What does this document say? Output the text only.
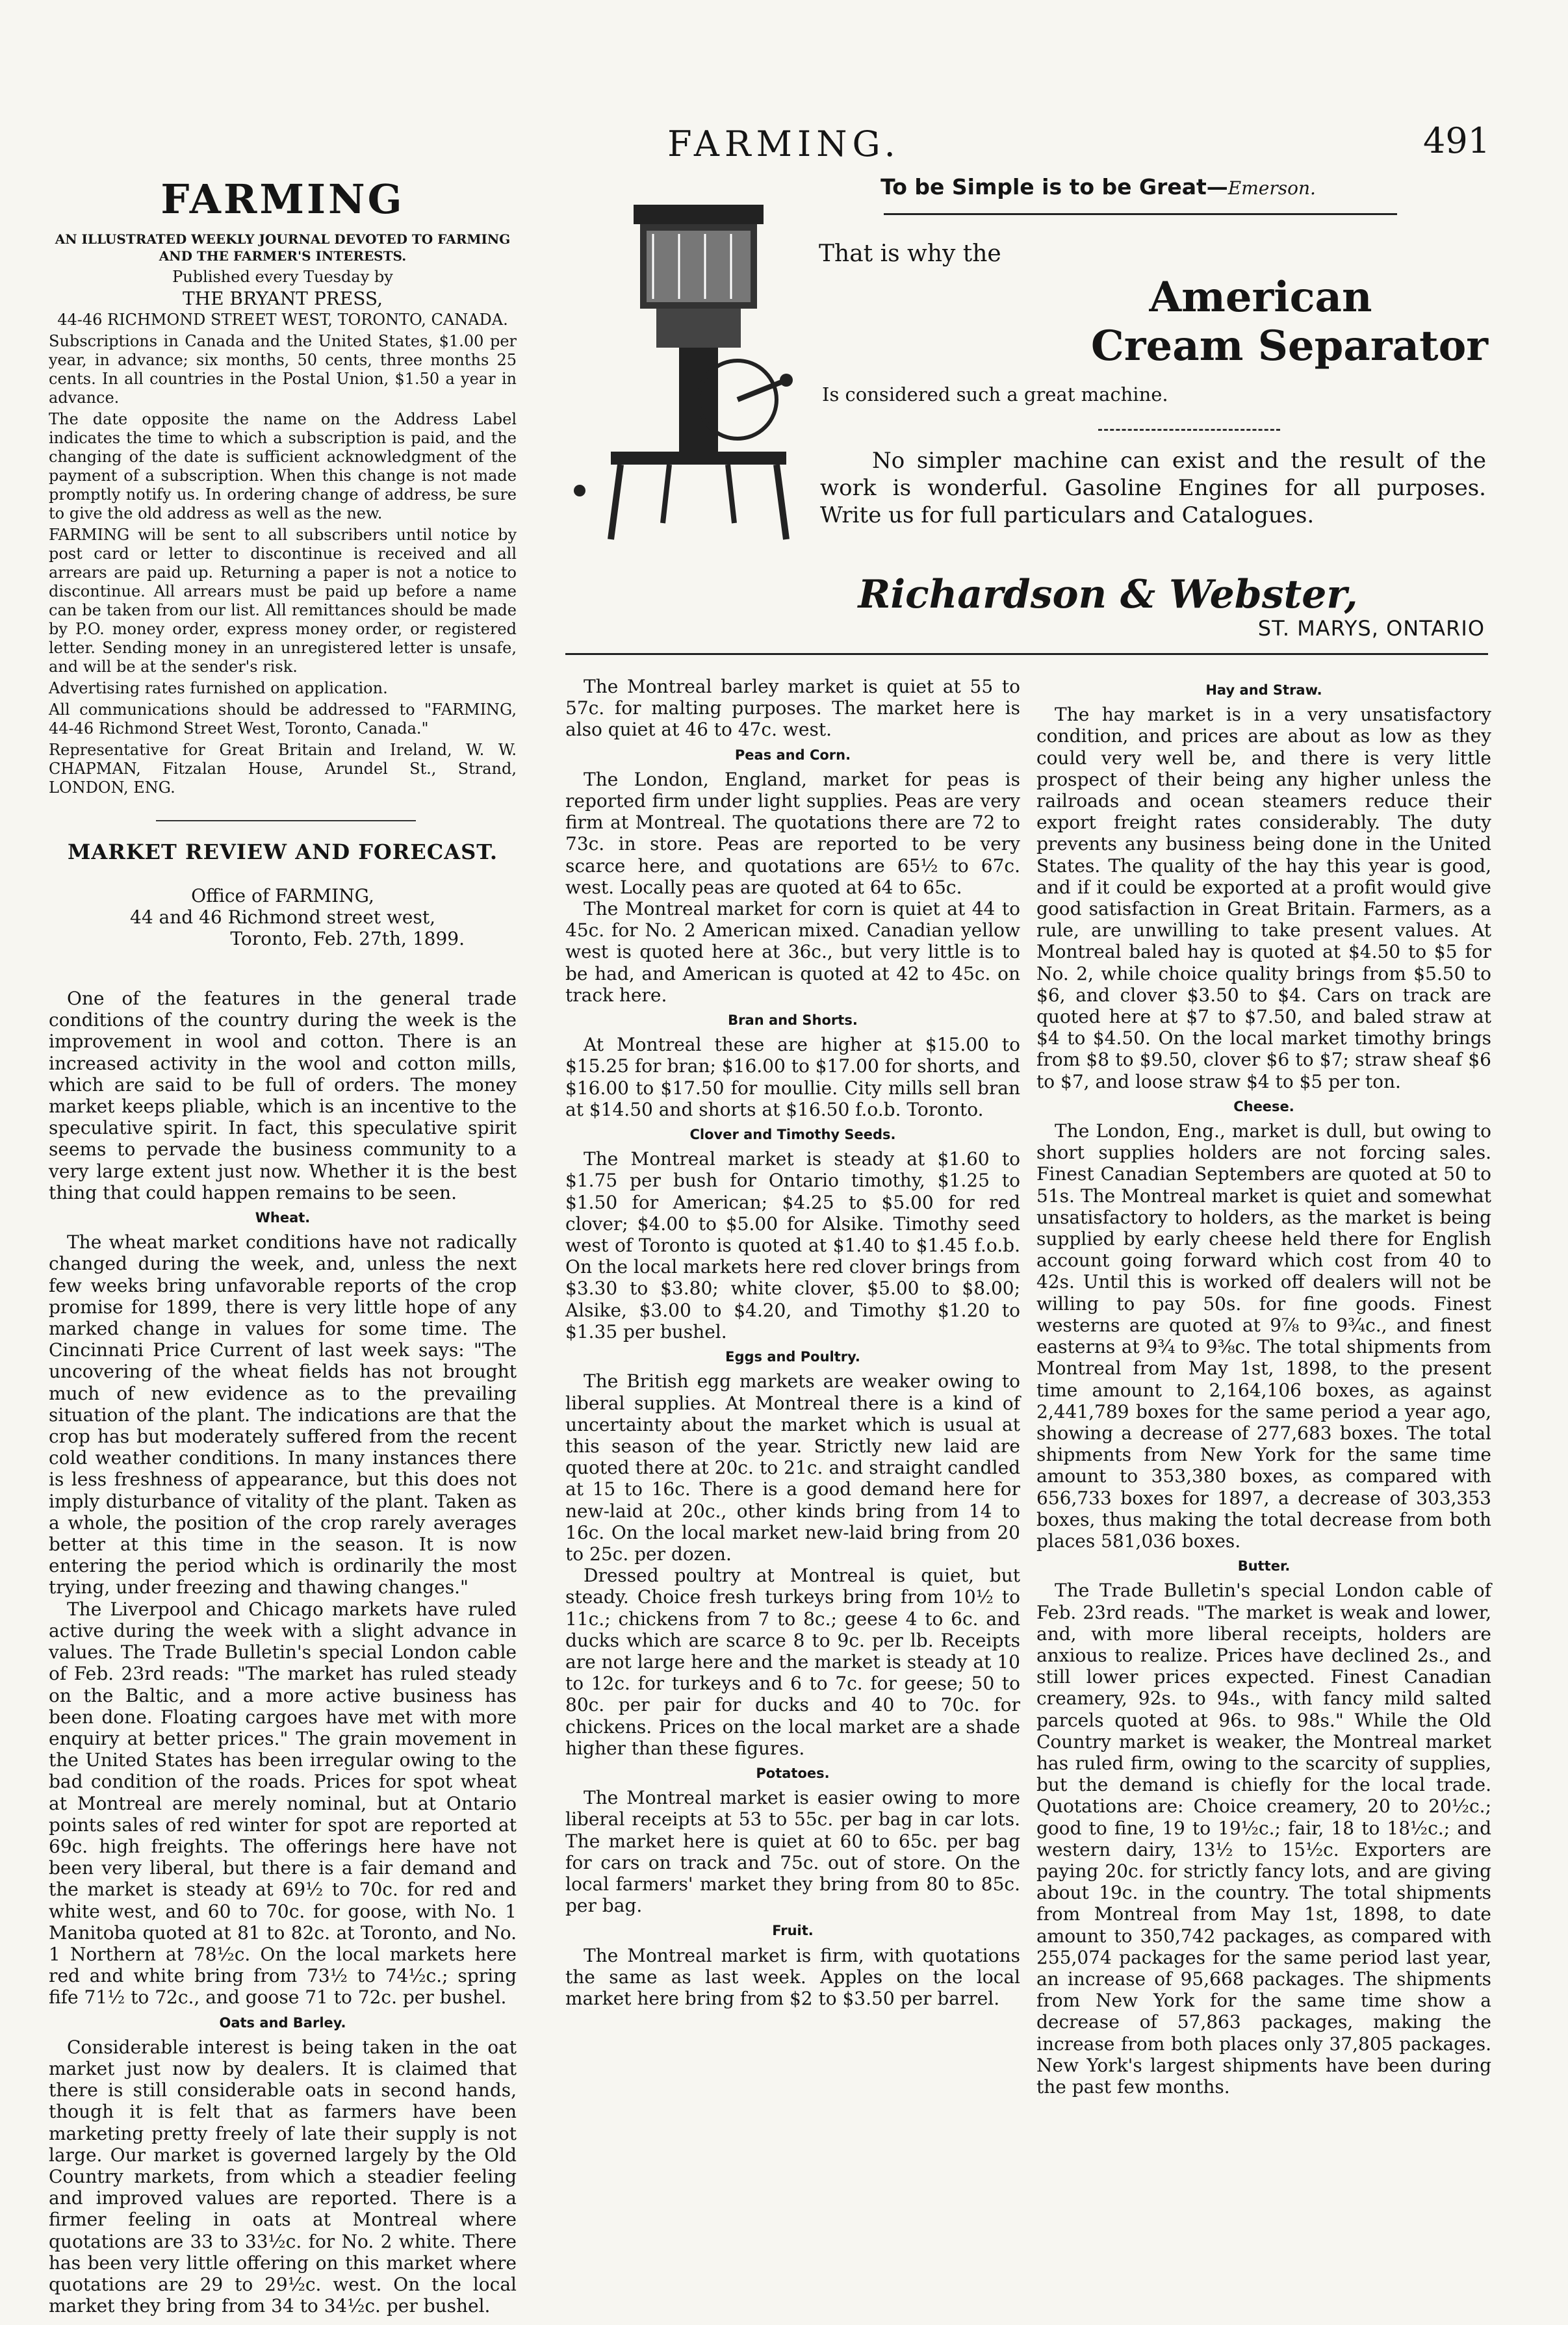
FARMING.	491
FARMING
AN ILLUSTRATED WEEKLY JOURNAL DEVOTED TO FARMING AND THE FARMER'S INTERESTS.

Published every Tuesday by

THE BRYANT PRESS,

44-46 RICHMOND STREET WEST, TORONTO, CANADA.

Subscriptions in Canada and the United States, $1.00 per year, in advance; six months, 50 cents, three months 25 cents. In all countries in the Postal Union, $1.50 a year in advance.

The date opposite the name on the Address Label indicates the time to which a subscription is paid, and the changing of the date is sufficient acknowledgment of the payment of a subscription. When this change is not made promptly notify us. In ordering change of address, be sure to give the old address as well as the new.

FARMING will be sent to all subscribers until notice by post card or letter to discontinue is received and all arrears are paid up. Returning a paper is not a notice to discontinue. All arrears must be paid up before a name can be taken from our list. All remittances should be made by P.O. money order, express money order, or registered letter. Sending money in an unregistered letter is unsafe, and will be at the sender's risk.

Advertising rates furnished on application.

All communications should be addressed to "FARMING, 44-46 Richmond Street West, Toronto, Canada."

Representative for Great Britain and Ireland, W. W. CHAPMAN, Fitzalan House, Arundel St., Strand, LONDON, ENG.

MARKET REVIEW AND FORECAST.
Office of FARMING,
44 and 46 Richmond street west,
Toronto, Feb. 27th, 1899.
To be Simple is to be Great—Emerson.
That is why the
American
Cream Separator
Is considered such a great machine.

No simpler machine can exist and the result of the work is wonderful. Gasoline Engines for all purposes. Write us for full particulars and Catalogues.

Richardson & Webster,
ST. MARYS, ONTARIO

One of the features in the general trade conditions of the country during the week is the improvement in wool and cotton. There is an increased activity in the wool and cotton mills, which are said to be full of orders. The money market keeps pliable, which is an incentive to the speculative spirit. In fact, this speculative spirit seems to pervade the business community to a very large extent just now. Whether it is the best thing that could happen remains to be seen.

Wheat.

The wheat market conditions have not radically changed during the week, and, unless the next few weeks bring unfavorable reports of the crop promise for 1899, there is very little hope of any marked change in values for some time. The Cincinnati Price Current of last week says: "The uncovering of the wheat fields has not brought much of new evidence as to the prevailing situation of the plant. The indications are that the crop has but moderately suffered from the recent cold weather conditions. In many instances there is less freshness of appearance, but this does not imply disturbance of vitality of the plant. Taken as a whole, the position of the crop rarely averages better at this time in the season. It is now entering the period which is ordinarily the most trying, under freezing and thawing changes."

The Liverpool and Chicago markets have ruled active during the week with a slight advance in values. The Trade Bulletin's special London cable of Feb. 23rd reads: "The market has ruled steady on the Baltic, and a more active business has been done. Floating cargoes have met with more enquiry at better prices." The grain movement in the United States has been irregular owing to the bad condition of the roads. Prices for spot wheat at Montreal are merely nominal, but at Ontario points sales of red winter for spot are reported at 69c. high freights. The offerings here have not been very liberal, but there is a fair demand and the market is steady at 69½ to 70c. for red and white west, and 60 to 70c. for goose, with No. 1 Manitoba quoted at 81 to 82c. at Toronto, and No. 1 Northern at 78½c. On the local markets here red and white bring from 73½ to 74½c.; spring fife 71½ to 72c., and goose 71 to 72c. per bushel.

Oats and Barley.

Considerable interest is being taken in the oat market just now by dealers. It is claimed that there is still considerable oats in second hands, though it is felt that as farmers have been marketing pretty freely of late their supply is not large. Our market is governed largely by the Old Country markets, from which a steadier feeling and improved values are reported. There is a firmer feeling in oats at Montreal where quotations are 33 to 33½c. for No. 2 white. There has been very little offering on this market where quotations are 29 to 29½c. west. On the local market they bring from 34 to 34½c. per bushel.

The Montreal barley market is quiet at 55 to 57c. for malting purposes. The market here is also quiet at 46 to 47c. west.

Peas and Corn.

The London, England, market for peas is reported firm under light supplies. Peas are very firm at Montreal. The quotations there are 72 to 73c. in store. Peas are reported to be very scarce here, and quotations are 65½ to 67c. west. Locally peas are quoted at 64 to 65c.

The Montreal market for corn is quiet at 44 to 45c. for No. 2 American mixed. Canadian yellow west is quoted here at 36c., but very little is to be had, and American is quoted at 42 to 45c. on track here.

Bran and Shorts.

At Montreal these are higher at $15.00 to $15.25 for bran; $16.00 to $17.00 for shorts, and $16.00 to $17.50 for moullie. City mills sell bran at $14.50 and shorts at $16.50 f.o.b. Toronto.

Clover and Timothy Seeds.

The Montreal market is steady at $1.60 to $1.75 per bush for Ontario timothy, $1.25 to $1.50 for American; $4.25 to $5.00 for red clover; $4.00 to $5.00 for Alsike. Timothy seed west of Toronto is quoted at $1.40 to $1.45 f.o.b. On the local markets here red clover brings from $3.30 to $3.80; white clover, $5.00 to $8.00; Alsike, $3.00 to $4.20, and Timothy $1.20 to $1.35 per bushel.

Eggs and Poultry.

The British egg markets are weaker owing to liberal supplies. At Montreal there is a kind of uncertainty about the market which is usual at this season of the year. Strictly new laid are quoted there at 20c. to 21c. and straight candled at 15 to 16c. There is a good demand here for new-laid at 20c., other kinds bring from 14 to 16c. On the local market new-laid bring from 20 to 25c. per dozen.

Dressed poultry at Montreal is quiet, but steady. Choice fresh turkeys bring from 10½ to 11c.; chickens from 7 to 8c.; geese 4 to 6c. and ducks which are scarce 8 to 9c. per lb. Receipts are not large here and the market is steady at 10 to 12c. for turkeys and 6 to 7c. for geese; 50 to 80c. per pair for ducks and 40 to 70c. for chickens. Prices on the local market are a shade higher than these figures.

Potatoes.

The Montreal market is easier owing to more liberal receipts at 53 to 55c. per bag in car lots. The market here is quiet at 60 to 65c. per bag for cars on track and 75c. out of store. On the local farmers' market they bring from 80 to 85c. per bag.

Fruit.

The Montreal market is firm, with quotations the same as last week. Apples on the local market here bring from $2 to $3.50 per barrel.

Hay and Straw.

The hay market is in a very unsatisfactory condition, and prices are about as low as they could very well be, and there is very little prospect of their being any higher unless the railroads and ocean steamers reduce their export freight rates considerably. The duty prevents any business being done in the United States. The quality of the hay this year is good, and if it could be exported at a profit would give good satisfaction in Great Britain. Farmers, as a rule, are unwilling to take present values. At Montreal baled hay is quoted at $4.50 to $5 for No. 2, while choice quality brings from $5.50 to $6, and clover $3.50 to $4. Cars on track are quoted here at $7 to $7.50, and baled straw at $4 to $4.50. On the local market timothy brings from $8 to $9.50, clover $6 to $7; straw sheaf $6 to $7, and loose straw $4 to $5 per ton.

Cheese.

The London, Eng., market is dull, but owing to short supplies holders are not forcing sales. Finest Canadian Septembers are quoted at 50 to 51s. The Montreal market is quiet and somewhat unsatisfactory to holders, as the market is being supplied by early cheese held there for English account going forward which cost from 40 to 42s. Until this is worked off dealers will not be willing to pay 50s. for fine goods. Finest westerns are quoted at 9⅞ to 9¾c., and finest easterns at 9¾ to 9⅜c. The total shipments from Montreal from May 1st, 1898, to the present time amount to 2,164,106 boxes, as against 2,441,789 boxes for the same period a year ago, showing a decrease of 277,683 boxes. The total shipments from New York for the same time amount to 353,380 boxes, as compared with 656,733 boxes for 1897, a decrease of 303,353 boxes, thus making the total decrease from both places 581,036 boxes.

Butter.

The Trade Bulletin's special London cable of Feb. 23rd reads. "The market is weak and lower, and, with more liberal receipts, holders are anxious to realize. Prices have declined 2s., and still lower prices expected. Finest Canadian creamery, 92s. to 94s., with fancy mild salted parcels quoted at 96s. to 98s." While the Old Country market is weaker, the Montreal market has ruled firm, owing to the scarcity of supplies, but the demand is chiefly for the local trade. Quotations are: Choice creamery, 20 to 20½c.; good to fine, 19 to 19½c.; fair, 18 to 18½c.; and western dairy, 13½ to 15½c. Exporters are paying 20c. for strictly fancy lots, and are giving about 19c. in the country. The total shipments from Montreal from May 1st, 1898, to date amount to 350,742 packages, as compared with 255,074 packages for the same period last year, an increase of 95,668 packages. The shipments from New York for the same time show a decrease of 57,863 packages, making the increase from both places only 37,805 packages. New York's largest shipments have been during the past few months.
